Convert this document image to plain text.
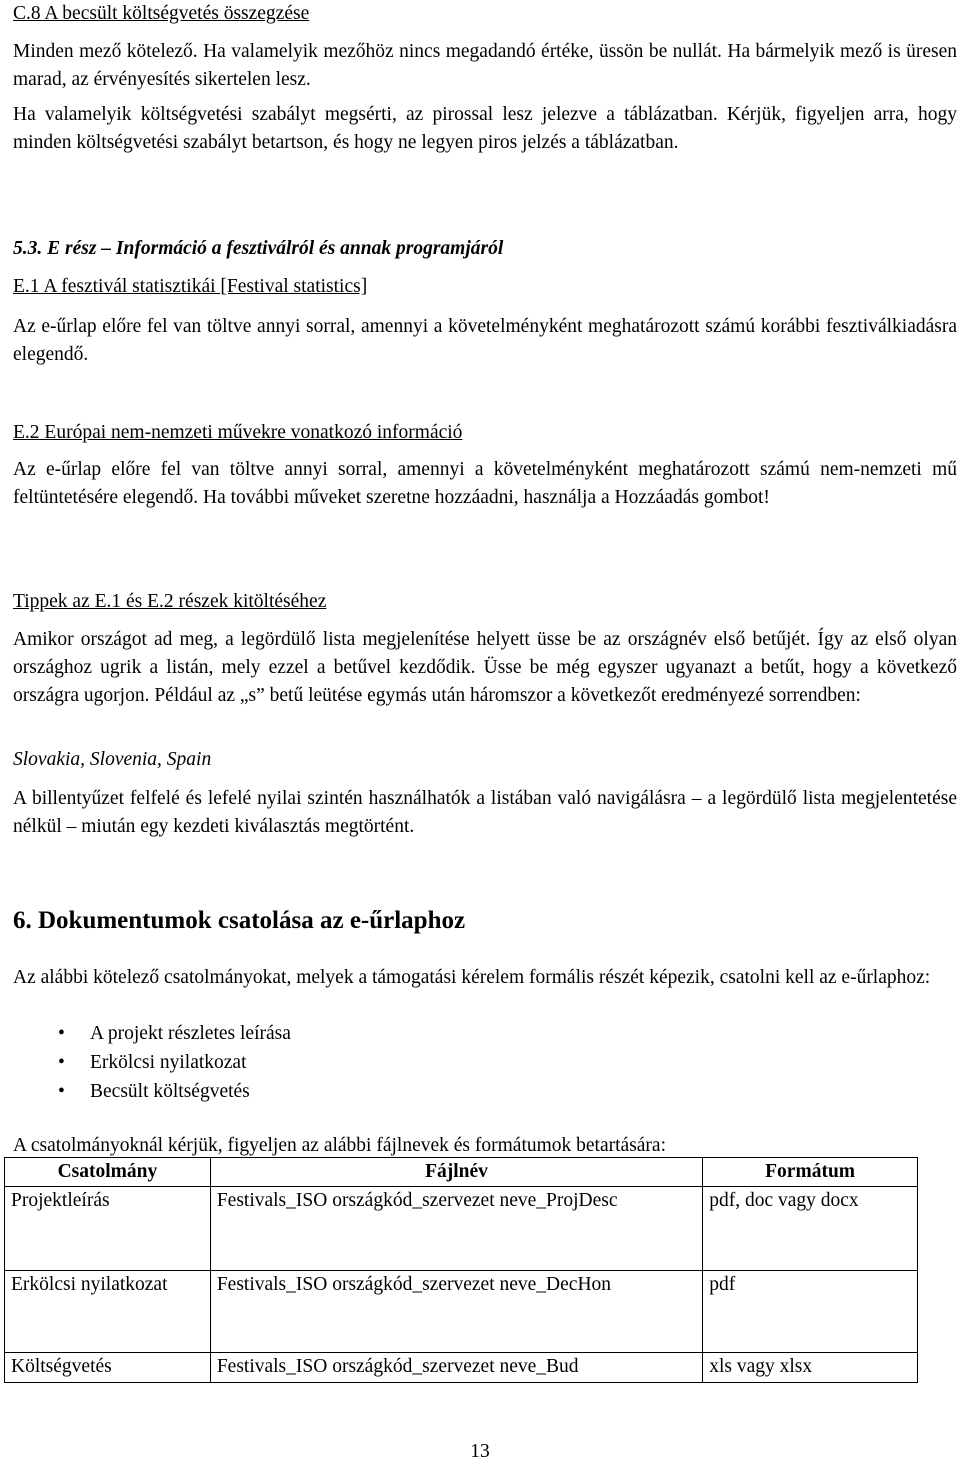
C.8 A becsült költségvetés összegzése
Minden mező kötelező. Ha valamelyik mezőhöz nincs megadandó értéke, üssön be nullát. Ha bármelyik mező is üresen marad, az érvényesítés sikertelen lesz.
Ha valamelyik költségvetési szabályt megsérti, az pirossal lesz jelezve a táblázatban. Kérjük, figyeljen arra, hogy minden költségvetési szabályt betartson, és hogy ne legyen piros jelzés a táblázatban.
5.3. E rész – Információ a fesztiválról és annak programjáról
E.1 A fesztivál statisztikái [Festival statistics]
Az e-űrlap előre fel van töltve annyi sorral, amennyi a követelményként meghatározott számú korábbi fesztiválkiadásra elegendő.
E.2 Európai nem-nemzeti művekre vonatkozó információ
Az e-űrlap előre fel van töltve annyi sorral, amennyi a követelményként meghatározott számú nem-nemzeti mű feltüntetésére elegendő. Ha további műveket szeretne hozzáadni, használja a Hozzáadás gombot!
Tippek az E.1 és E.2 részek kitöltéséhez
Amikor országot ad meg, a legördülő lista megjelenítése helyett üsse be az országnév első betűjét. Így az első olyan országhoz ugrik a listán, mely ezzel a betűvel kezdődik. Üsse be még egyszer ugyanazt a betűt, hogy a következő országra ugorjon. Például az „s” betű leütése egymás után háromszor a következőt eredményezé sorrendben:
Slovakia, Slovenia, Spain
A billentyűzet felfelé és lefelé nyilai szintén használhatók a listában való navigálásra – a legördülő lista megjelentetése nélkül – miután egy kezdeti kiválasztás megtörtént.
6. Dokumentumok csatolása az e-űrlaphoz
Az alábbi kötelező csatolmányokat, melyek a támogatási kérelem formális részét képezik, csatolni kell az e-űrlaphoz:
• A projekt részletes leírása
• Erkölcsi nyilatkozat
• Becsült költségvetés
A csatolmányoknál kérjük, figyeljen az alábbi fájlnevek és formátumok betartására:
Csatolmány	Fájlnév	Formátum
Projektleírás	Festivals_ISO országkód_szervezet neve_ProjDesc	pdf, doc vagy docx
Erkölcsi nyilatkozat	Festivals_ISO országkód_szervezet neve_DecHon	pdf
Költségvetés	Festivals_ISO országkód_szervezet neve_Bud	xls vagy xlsx
13
